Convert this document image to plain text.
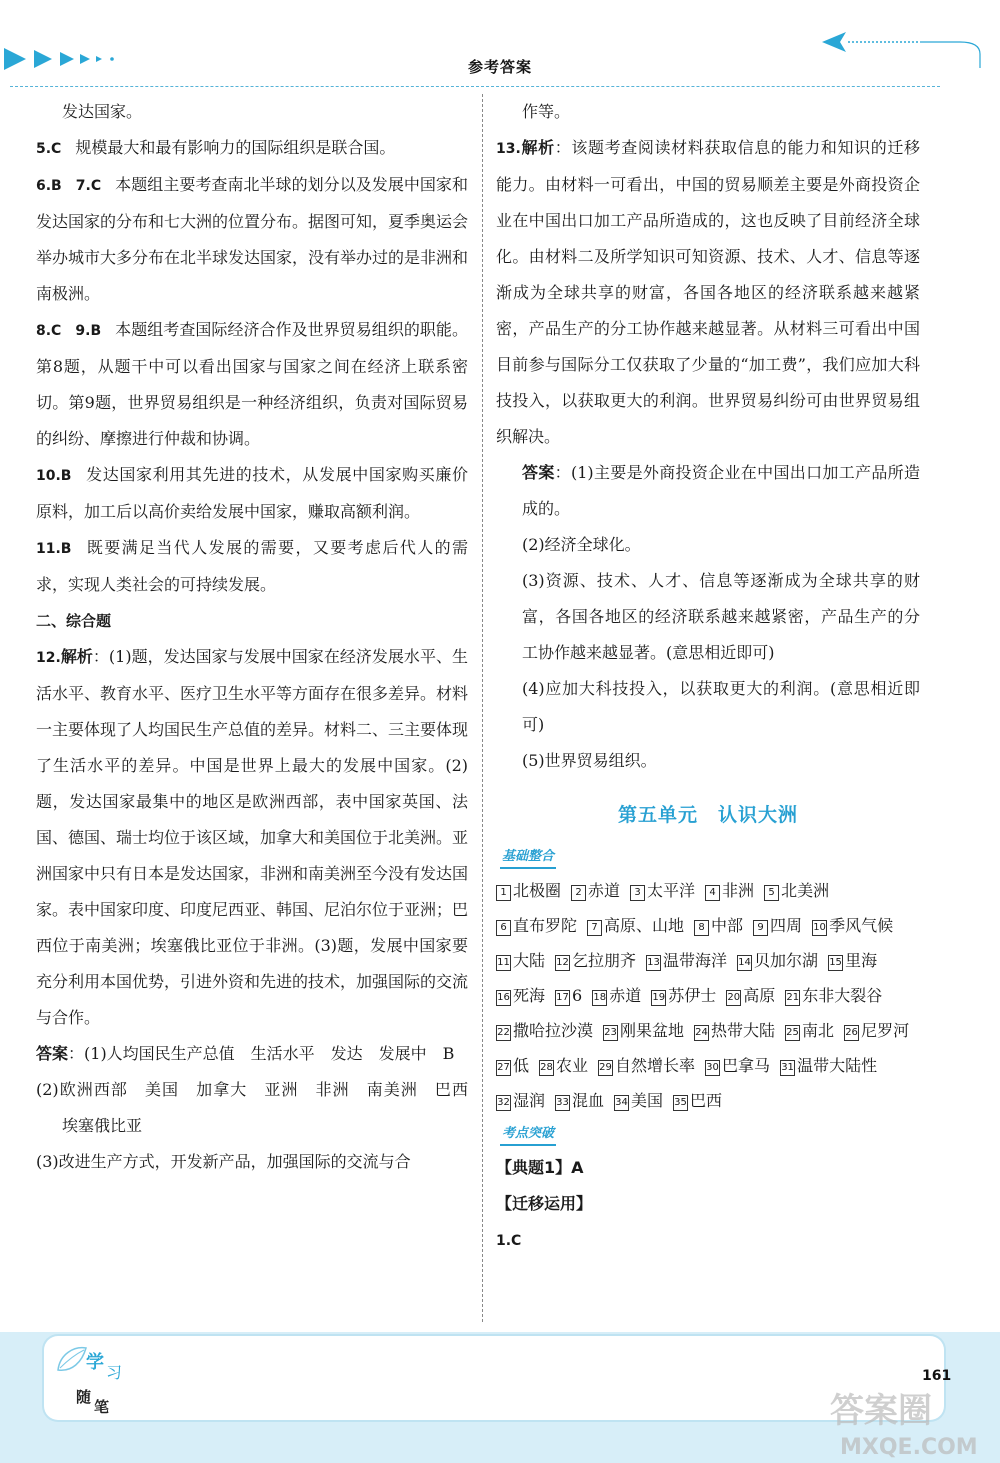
参考答案
发达国家。
5.C 规模最大和最有影响力的国际组织是联合国。
6.B　7.C 本题组主要考查南北半球的划分以及发展中国家和发达国家的分布和七大洲的位置分布。据图可知，夏季奥运会举办城市大多分布在北半球发达国家，没有举办过的是非洲和南极洲。
8.C　9.B 本题组考查国际经济合作及世界贸易组织的职能。第8题，从题干中可以看出国家与国家之间在经济上联系密切。第9题，世界贸易组织是一种经济组织，负责对国际贸易的纠纷、摩擦进行仲裁和协调。
10.B 发达国家利用其先进的技术，从发展中国家购买廉价原料，加工后以高价卖给发展中国家，赚取高额利润。
11.B 既要满足当代人发展的需要，又要考虑后代人的需求，实现人类社会的可持续发展。
二、综合题
12.解析：(1)题，发达国家与发展中国家在经济发展水平、生活水平、教育水平、医疗卫生水平等方面存在很多差异。材料一主要体现了人均国民生产总值的差异。材料二、三主要体现了生活水平的差异。中国是世界上最大的发展中国家。(2)题，发达国家最集中的地区是欧洲西部，表中国家英国、法国、德国、瑞士均位于该区域，加拿大和美国位于北美洲。亚洲国家中只有日本是发达国家，非洲和南美洲至今没有发达国家。表中国家印度、印度尼西亚、韩国、尼泊尔位于亚洲；巴西位于南美洲；埃塞俄比亚位于非洲。(3)题，发展中国家要充分利用本国优势，引进外资和先进的技术，加强国际的交流与合作。
答案：(1)人均国民生产总值　生活水平　发达　发展中　B
(2)欧洲西部　美国　加拿大　亚洲　非洲　南美洲　巴西　埃塞俄比亚
(3)改进生产方式，开发新产品，加强国际的交流与合
作等。
13.解析：该题考查阅读材料获取信息的能力和知识的迁移能力。由材料一可看出，中国的贸易顺差主要是外商投资企业在中国出口加工产品所造成的，这也反映了目前经济全球化。由材料二及所学知识可知资源、技术、人才、信息等逐渐成为全球共享的财富，各国各地区的经济联系越来越紧密，产品生产的分工协作越来越显著。从材料三可看出中国目前参与国际分工仅获取了少量的“加工费”，我们应加大科技投入，以获取更大的利润。世界贸易纠纷可由世界贸易组织解决。
答案：(1)主要是外商投资企业在中国出口加工产品所造成的。
(2)经济全球化。
(3)资源、技术、人才、信息等逐渐成为全球共享的财富，各国各地区的经济联系越来越紧密，产品生产的分工协作越来越显著。(意思相近即可)
(4)应加大科技投入，以获取更大的利润。(意思相近即可)
(5)世界贸易组织。
第五单元　认识大洲
基础整合
1 北极圈	2 赤道	3 太平洋	4 非洲	5 北美洲
6 直布罗陀	7 高原、山地	8 中部	9 四周 10 季风气候
11 大陆 12 乞拉朋齐 13 温带海洋 14 贝加尔湖 15 里海
16 死海 17 6 18 赤道 19 苏伊士 20 高原 21 东非大裂谷
22 撒哈拉沙漠 23 刚果盆地 24 热带大陆 25 南北 26 尼罗河
27 低 28 农业 29 自然增长率 30 巴拿马 31 温带大陆性
32 湿润 33 混血 34 美国 35 巴西
考点突破
【典题1】A
【迁移运用】
1.C
学 习
随
笔
161
答案圈
MXQE.COM
